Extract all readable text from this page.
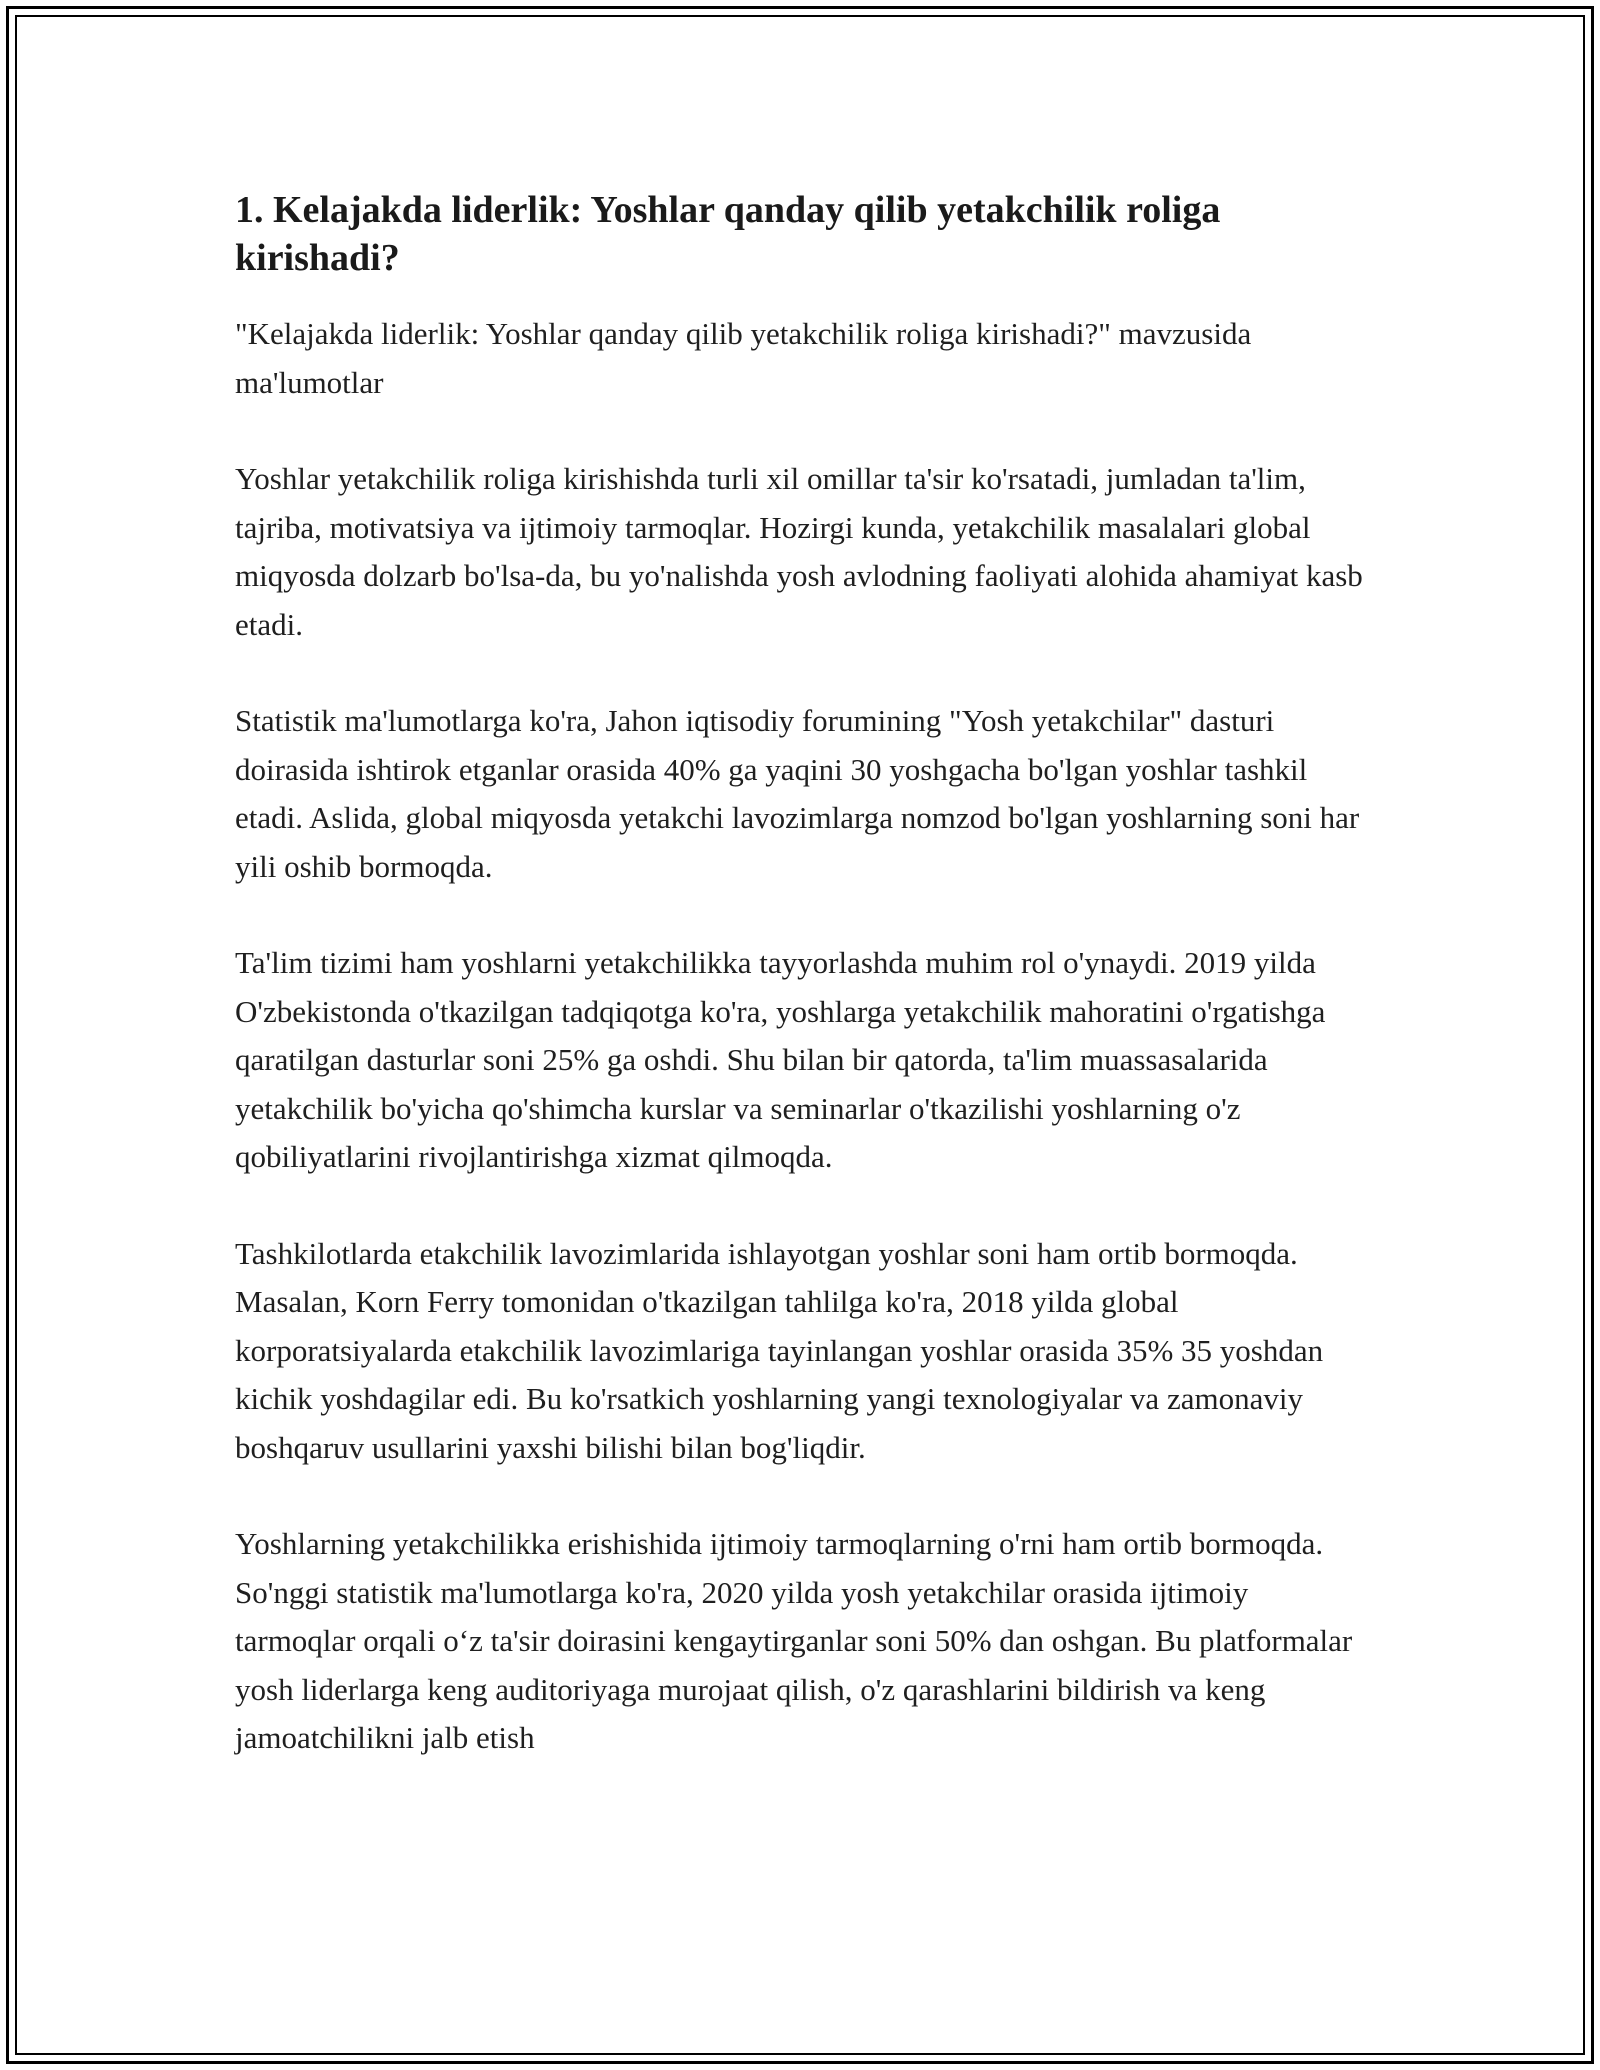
1. Kelajakda liderlik: Yoshlar qanday qilib yetakchilik roliga kirishadi?

"Kelajakda liderlik: Yoshlar qanday qilib yetakchilik roliga kirishadi?" mavzusida ma'lumotlar

Yoshlar yetakchilik roliga kirishishda turli xil omillar ta'sir ko'rsatadi, jumladan ta'lim, tajriba, motivatsiya va ijtimoiy tarmoqlar. Hozirgi kunda, yetakchilik masalalari global miqyosda dolzarb bo'lsa-da, bu yo'nalishda yosh avlodning faoliyati alohida ahamiyat kasb etadi.

Statistik ma'lumotlarga ko'ra, Jahon iqtisodiy forumining "Yosh yetakchilar" dasturi doirasida ishtirok etganlar orasida 40% ga yaqini 30 yoshgacha bo'lgan yoshlar tashkil etadi. Aslida, global miqyosda yetakchi lavozimlarga nomzod bo'lgan yoshlarning soni har yili oshib bormoqda.

Ta'lim tizimi ham yoshlarni yetakchilikka tayyorlashda muhim rol o'ynaydi. 2019 yilda O'zbekistonda o'tkazilgan tadqiqotga ko'ra, yoshlarga yetakchilik mahoratini o'rgatishga qaratilgan dasturlar soni 25% ga oshdi. Shu bilan bir qatorda, ta'lim muassasalarida yetakchilik bo'yicha qo'shimcha kurslar va seminarlar o'tkazilishi yoshlarning o'z qobiliyatlarini rivojlantirishga xizmat qilmoqda.

Tashkilotlarda etakchilik lavozimlarida ishlayotgan yoshlar soni ham ortib bormoqda. Masalan, Korn Ferry tomonidan o'tkazilgan tahlilga ko'ra, 2018 yilda global korporatsiyalarda etakchilik lavozimlariga tayinlangan yoshlar orasida 35% 35 yoshdan kichik yoshdagilar edi. Bu ko'rsatkich yoshlarning yangi texnologiyalar va zamonaviy boshqaruv usullarini yaxshi bilishi bilan bog'liqdir.

Yoshlarning yetakchilikka erishishida ijtimoiy tarmoqlarning o'rni ham ortib bormoqda. So'nggi statistik ma'lumotlarga ko'ra, 2020 yilda yosh yetakchilar orasida ijtimoiy tarmoqlar orqali o‘z ta'sir doirasini kengaytirganlar soni 50% dan oshgan. Bu platformalar yosh liderlarga keng auditoriyaga murojaat qilish, o'z qarashlarini bildirish va keng jamoatchilikni jalb etish
